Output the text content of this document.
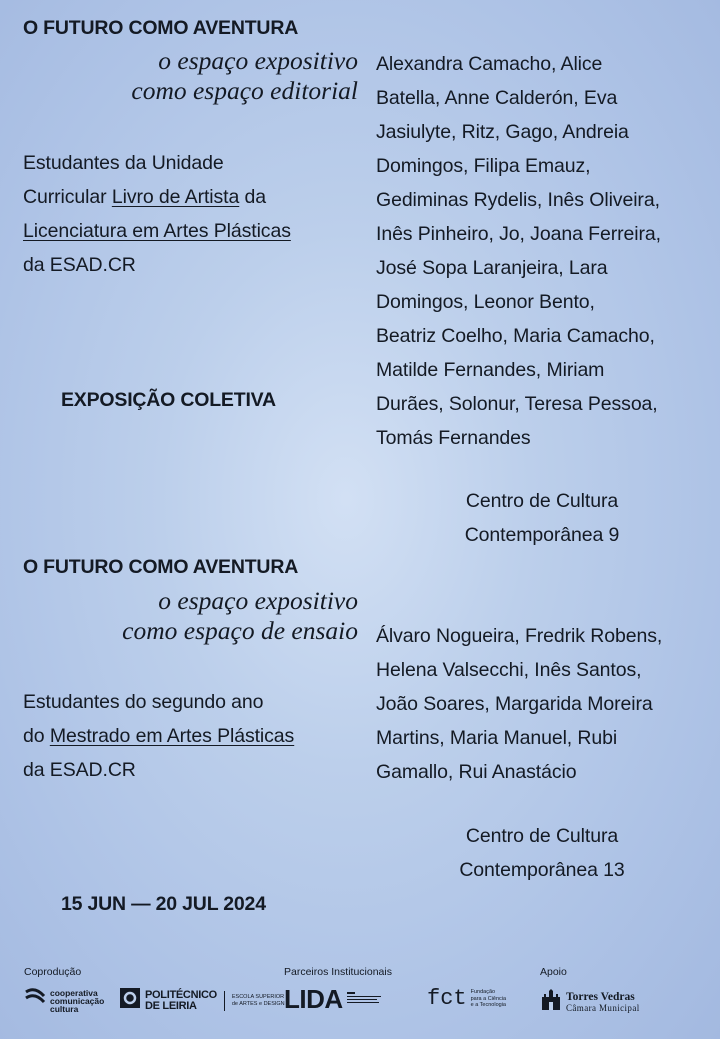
O FUTURO COMO AVENTURA
o espaço expositivo
como espaço editorial
Estudantes da Unidade
Curricular Livro de Artista da
Licenciatura em Artes Plásticas
da ESAD.CR
Alexandra Camacho, Alice
Batella, Anne Calderón, Eva
Jasiulyte, Ritz, Gago, Andreia
Domingos, Filipa Emauz,
Gediminas Rydelis, Inês Oliveira,
Inês Pinheiro, Jo, Joana Ferreira,
José Sopa Laranjeira, Lara
Domingos, Leonor Bento,
Beatriz Coelho, Maria Camacho,
Matilde Fernandes, Miriam
Durães, Solonur, Teresa Pessoa,
Tomás Fernandes
EXPOSIÇÃO COLETIVA
Centro de Cultura
Contemporânea 9
O FUTURO COMO AVENTURA
o espaço expositivo
como espaço de ensaio
Estudantes do segundo ano
do Mestrado em Artes Plásticas
da ESAD.CR
Álvaro Nogueira, Fredrik Robens,
Helena Valsecchi, Inês Santos,
João Soares, Margarida Moreira
Martins, Maria Manuel, Rubi
Gamallo, Rui Anastácio
Centro de Cultura
Contemporânea 13
15 JUN — 20 JUL 2024
Coprodução	Parceiros Institucionais	Apoio
cooperativa
comunicação
cultura
POLITÉCNICO
DE LEIRIA
ESCOLA SUPERIOR
de ARTES e DESIGN LIDA	fct Fundação
para a Ciência
e a Tecnologia
Torres Vedras
Câmara Municipal
